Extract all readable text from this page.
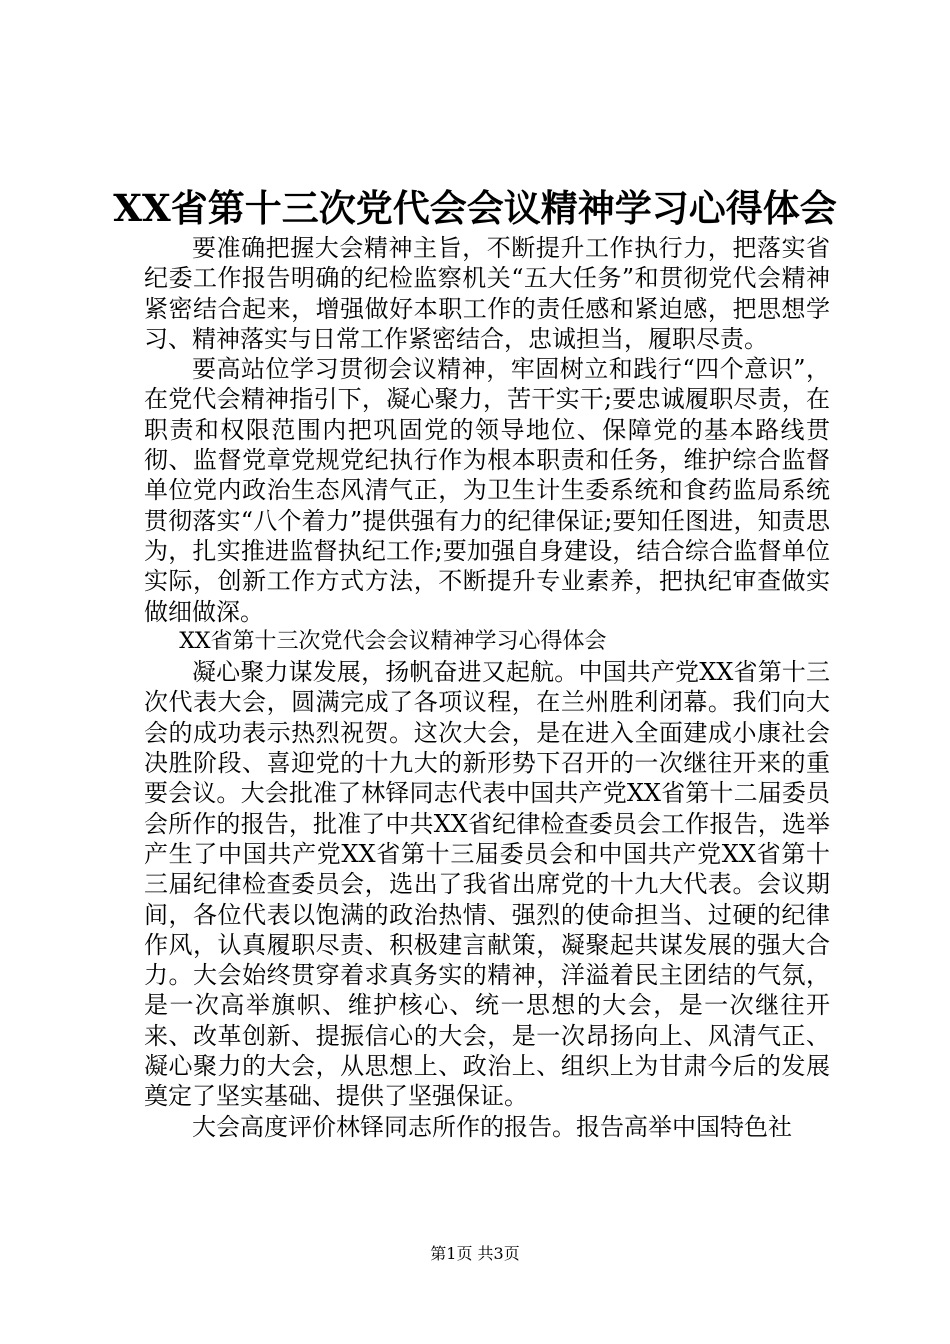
XX省第十三次党代会会议精神学习心得体会

要准确把握大会精神主旨，不断提升工作执行力，把落实省纪委工作报告明确的纪检监察机关“五大任务”和贯彻党代会精神紧密结合起来，增强做好本职工作的责任感和紧迫感，把思想学习、精神落实与日常工作紧密结合，忠诚担当，履职尽责。

要高站位学习贯彻会议精神，牢固树立和践行“四个意识”，在党代会精神指引下，凝心聚力，苦干实干;要忠诚履职尽责，在职责和权限范围内把巩固党的领导地位、保障党的基本路线贯彻、监督党章党规党纪执行作为根本职责和任务，维护综合监督单位党内政治生态风清气正，为卫生计生委系统和食药监局系统贯彻落实“八个着力”提供强有力的纪律保证;要知任图进，知责思为，扎实推进监督执纪工作;要加强自身建设，结合综合监督单位实际，创新工作方式方法，不断提升专业素养，把执纪审查做实做细做深。

XX省第十三次党代会会议精神学习心得体会

凝心聚力谋发展，扬帆奋进又起航。中国共产党XX省第十三次代表大会，圆满完成了各项议程，在兰州胜利闭幕。我们向大会的成功表示热烈祝贺。这次大会，是在进入全面建成小康社会决胜阶段、喜迎党的十九大的新形势下召开的一次继往开来的重要会议。大会批准了林铎同志代表中国共产党XX省第十二届委员会所作的报告，批准了中共XX省纪律检查委员会工作报告，选举产生了中国共产党XX省第十三届委员会和中国共产党XX省第十三届纪律检查委员会，选出了我省出席党的十九大代表。会议期间，各位代表以饱满的政治热情、强烈的使命担当、过硬的纪律作风，认真履职尽责、积极建言献策，凝聚起共谋发展的强大合力。大会始终贯穿着求真务实的精神，洋溢着民主团结的气氛，是一次高举旗帜、维护核心、统一思想的大会，是一次继往开来、改革创新、提振信心的大会，是一次昂扬向上、风清气正、凝心聚力的大会，从思想上、政治上、组织上为甘肃今后的发展奠定了坚实基础、提供了坚强保证。

大会高度评价林铎同志所作的报告。报告高举中国特色社

第1页 共3页
